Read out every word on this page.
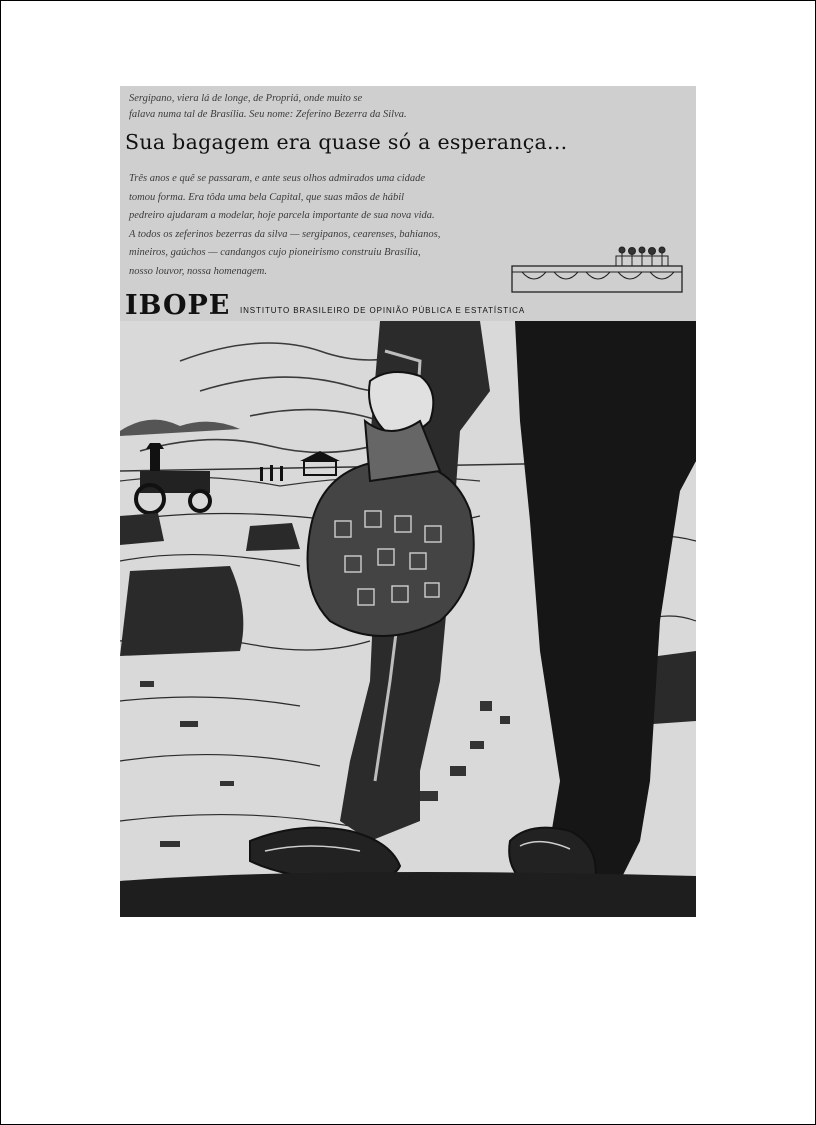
Sergipano, viera lá de longe, de Propriá, onde muito se
falava numa tal de Brasília. Seu nome: Zeferino Bezerra da Silva.
Sua bagagem era quase só a esperança...
Três anos e quê se passaram, e ante seus olhos admirados uma cidade
tomou forma. Era tôda uma bela Capital, que suas mãos de hábil
pedreiro ajudaram a modelar, hoje parcela importante de sua nova vida.
A todos os zeferinos bezerras da silva — sergipanos, cearenses, bahianos,
mineiros, gaúchos — candangos cujo pioneirismo construiu Brasília,
nosso louvor, nossa homenagem.
IBOPE INSTITUTO BRASILEIRO DE OPINIÃO PÚBLICA E ESTATÍSTICA
